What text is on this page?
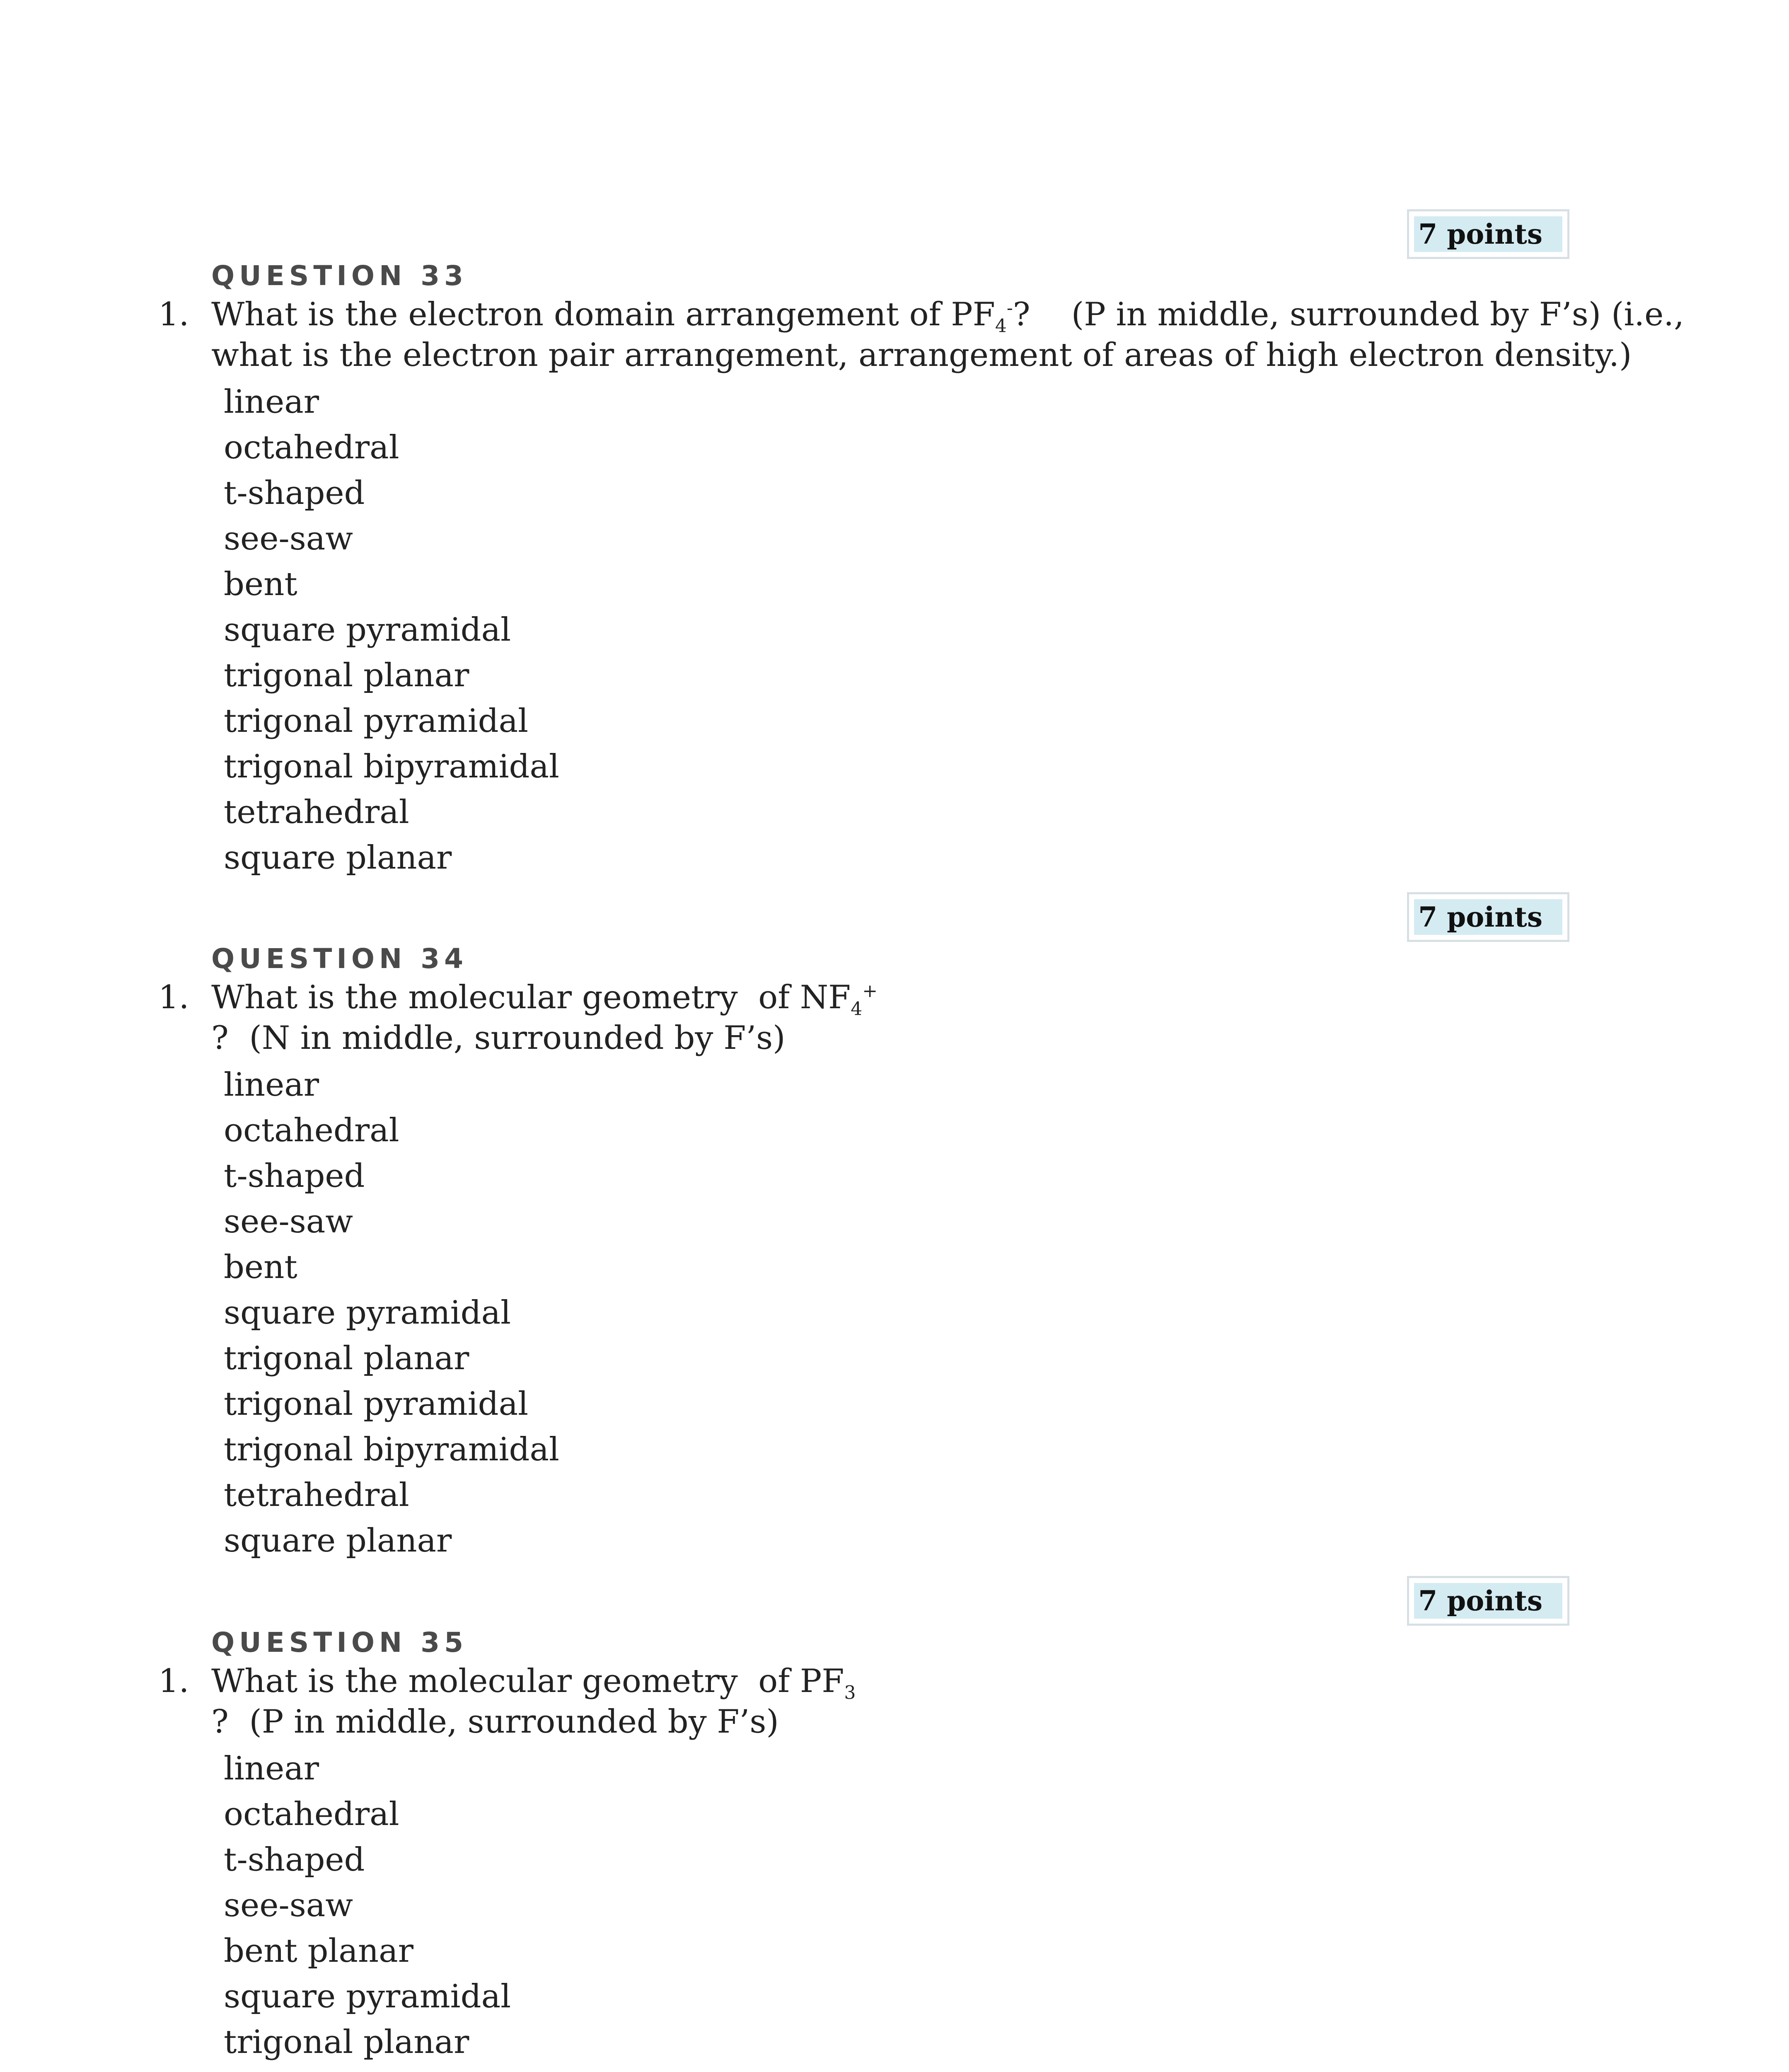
7 points
QUESTION 33
1. What is the electron domain arrangement of $PF_4^-$?    (P in middle, surrounded by F’s) (i.e.,
what is the electron pair arrangement, arrangement of areas of high electron density.)
linear
octahedral
t-shaped
see-saw
bent
square pyramidal
trigonal planar
trigonal pyramidal
trigonal bipyramidal
tetrahedral
square planar
7 points
QUESTION 34
1. What is the molecular geometry  of $NF_4^+$
?  (N in middle, surrounded by F’s)
linear
octahedral
t-shaped
see-saw
bent
square pyramidal
trigonal planar
trigonal pyramidal
trigonal bipyramidal
tetrahedral
square planar
7 points
QUESTION 35
1. What is the molecular geometry  of $PF_3$
?  (P in middle, surrounded by F’s)
linear
octahedral
t-shaped
see-saw
bent planar
square pyramidal
trigonal planar
